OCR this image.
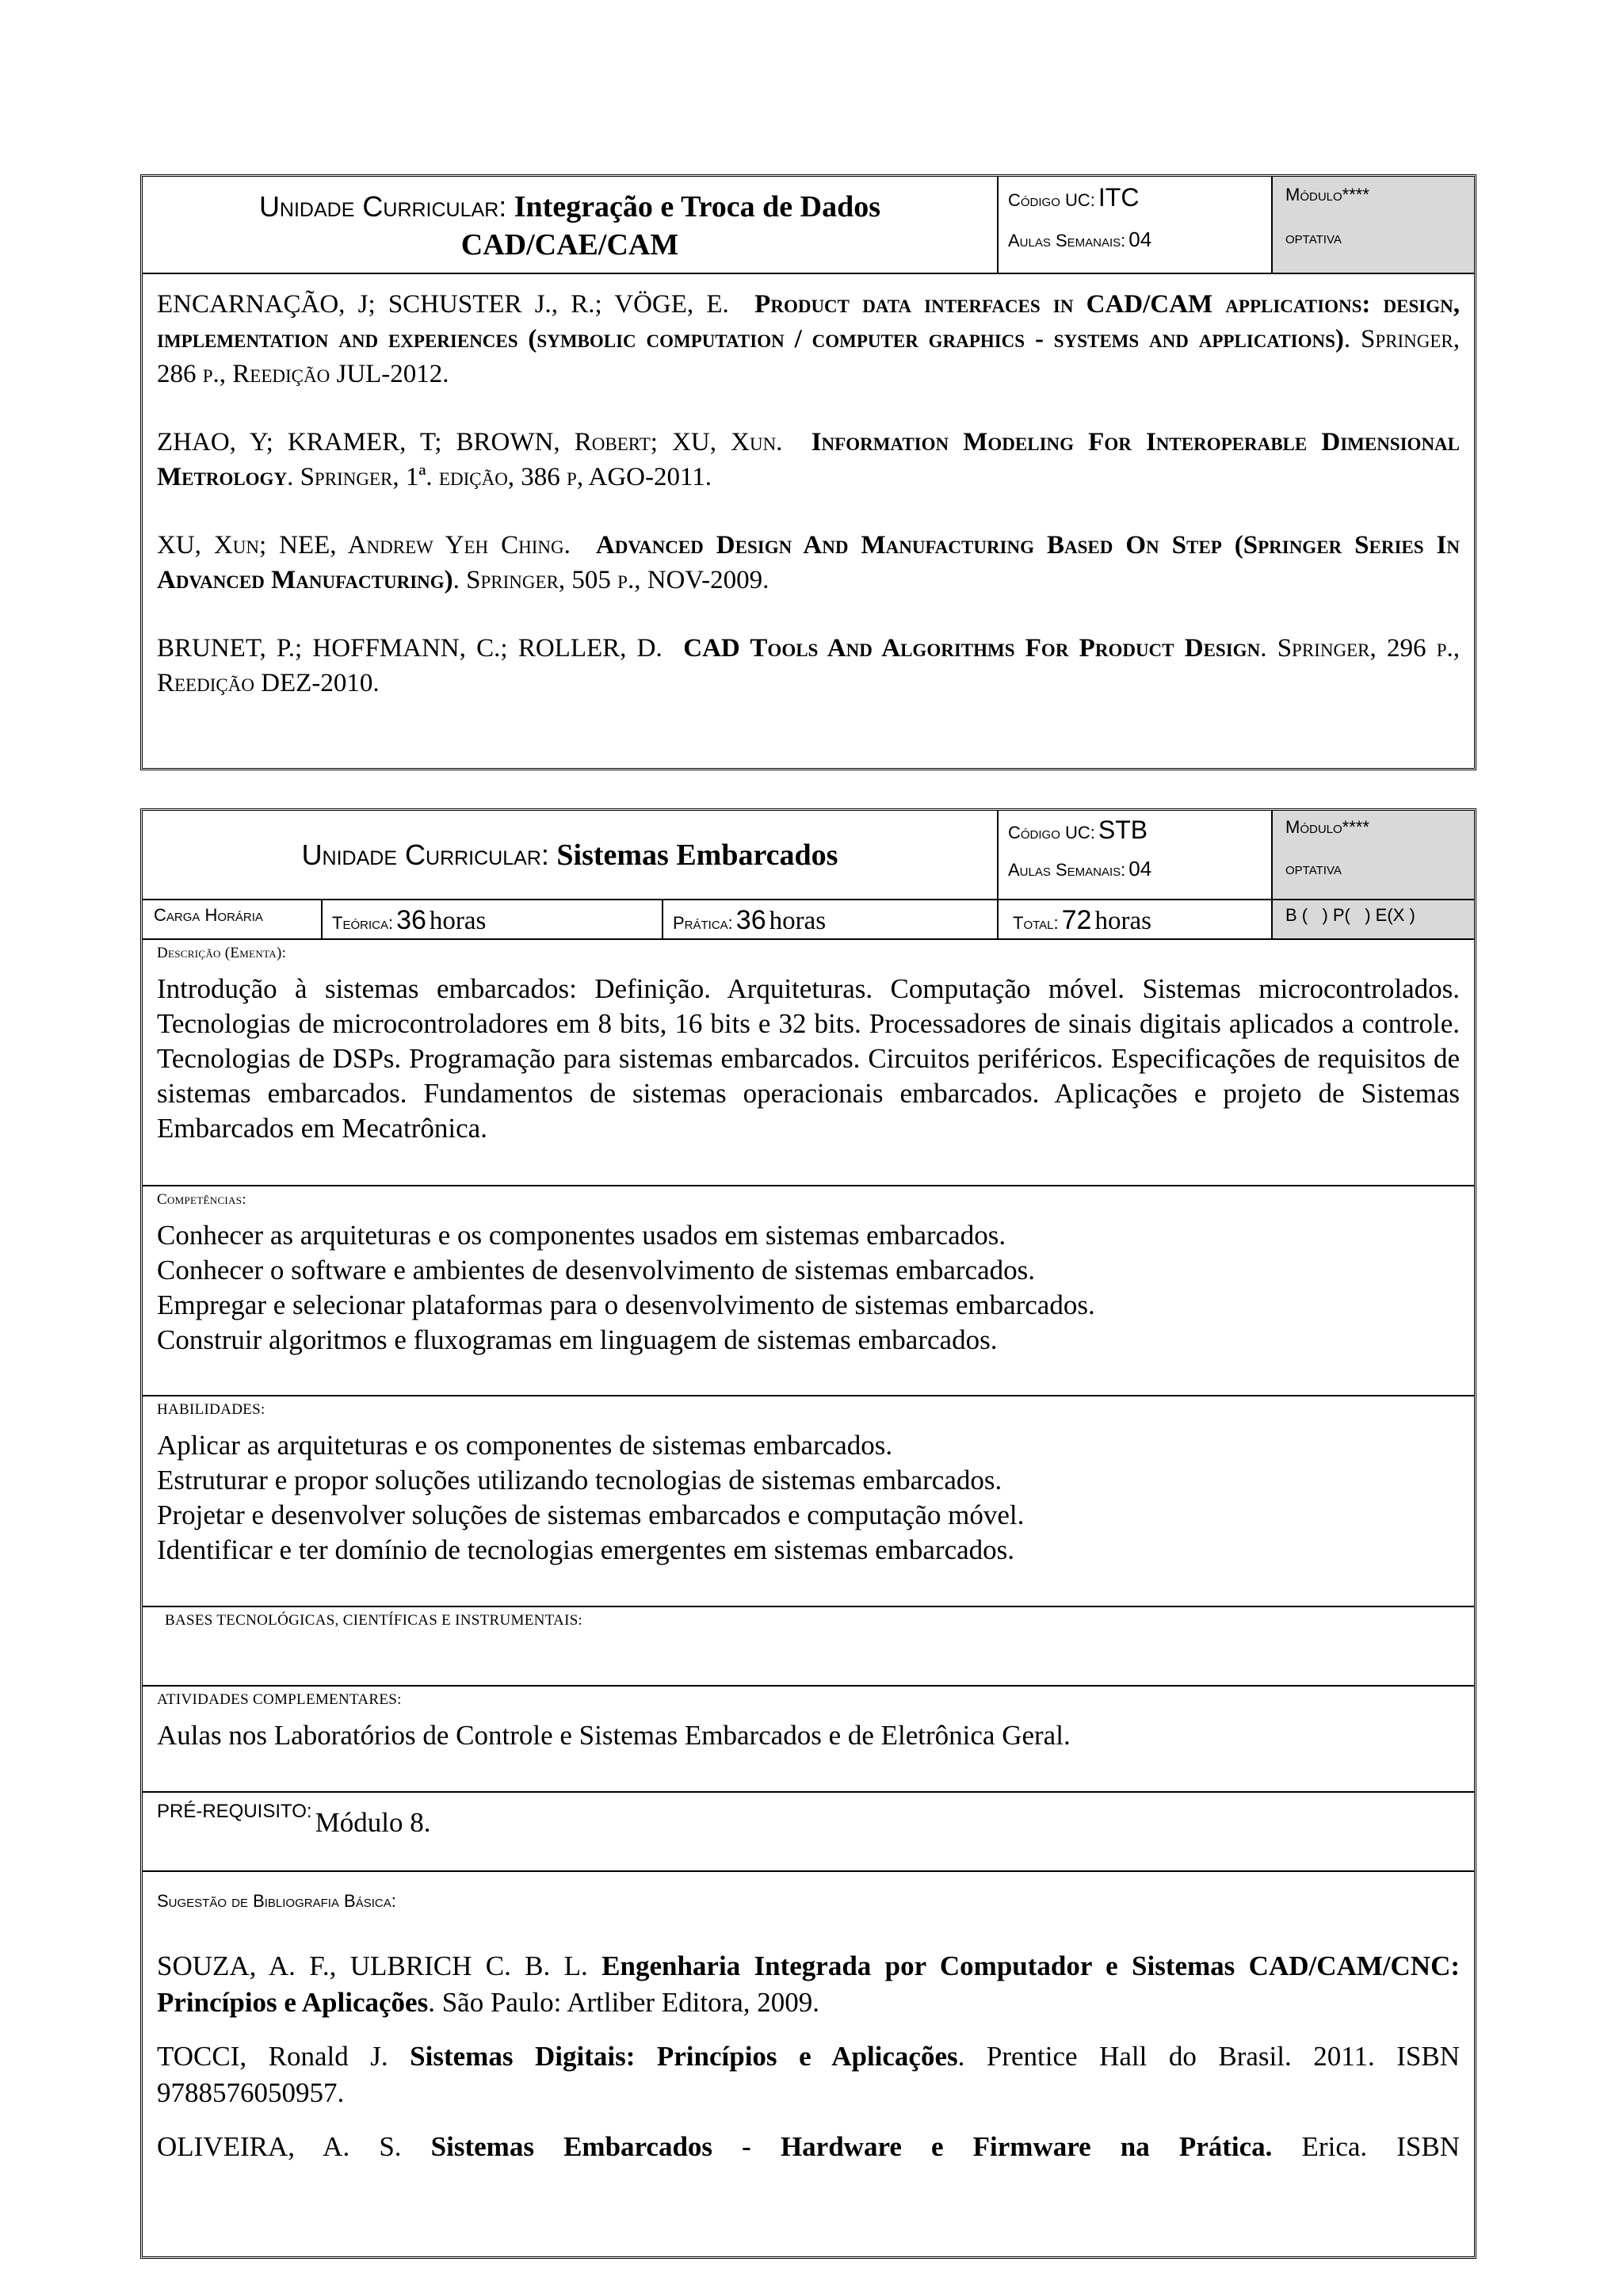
Unidade Curricular: Integração e Troca de Dados
CAD/CAE/CAM
Código UC: ITC
Aulas Semanais: 04
Módulo****
optativa

ENCARNAÇÃO, J; SCHUSTER J., R.; VÖGE, E. Product data interfaces in CAD/CAM applications: design, implementation and experiences (symbolic computation / computer graphics - systems and applications). Springer, 286 p., Reedição JUL-2012.

ZHAO, Y; KRAMER, T; BROWN, Robert; XU, Xun. Information Modeling For Interoperable Dimensional Metrology. Springer, 1ª. edição, 386 p, AGO-2011.

XU, Xun; NEE, Andrew Yeh Ching. Advanced Design And Manufacturing Based On Step (Springer Series In Advanced Manufacturing). Springer, 505 p., NOV-2009.

BRUNET, P.; HOFFMANN, C.; ROLLER, D. CAD Tools And Algorithms For Product Design. Springer, 296 p., Reedição DEZ-2010.

Unidade Curricular: Sistemas Embarcados
Código UC: STB
Aulas Semanais: 04
Módulo****
optativa
Carga Horária	Teórica: 36 horas	Prática: 36 horas	Total: 72 horas	B (   ) P(   ) E(X )
Descrição (Ementa):
Introdução à sistemas embarcados: Definição. Arquiteturas. Computação móvel. Sistemas microcontrolados. Tecnologias de microcontroladores em 8 bits, 16 bits e 32 bits. Processadores de sinais digitais aplicados a controle. Tecnologias de DSPs. Programação para sistemas embarcados. Circuitos periféricos. Especificações de requisitos de sistemas embarcados. Fundamentos de sistemas operacionais embarcados. Aplicações e projeto de Sistemas Embarcados em Mecatrônica.
Competências:
Conhecer as arquiteturas e os componentes usados em sistemas embarcados.
Conhecer o software e ambientes de desenvolvimento de sistemas embarcados.
Empregar e selecionar plataformas para o desenvolvimento de sistemas embarcados.
Construir algoritmos e fluxogramas em linguagem de sistemas embarcados.
HABILIDADES:
Aplicar as arquiteturas e os componentes de sistemas embarcados.
Estruturar e propor soluções utilizando tecnologias de sistemas embarcados.
Projetar e desenvolver soluções de sistemas embarcados e computação móvel.
Identificar e ter domínio de tecnologias emergentes em sistemas embarcados.
BASES TECNOLÓGICAS, CIENTÍFICAS E INSTRUMENTAIS:
ATIVIDADES COMPLEMENTARES:
Aulas nos Laboratórios de Controle e Sistemas Embarcados e de Eletrônica Geral.
PRÉ-REQUISITO: Módulo 8.
Sugestão de Bibliografia Básica:

SOUZA, A. F., ULBRICH C. B. L. Engenharia Integrada por Computador e Sistemas CAD/CAM/CNC: Princípios e Aplicações. São Paulo: Artliber Editora, 2009.

TOCCI, Ronald J. Sistemas Digitais: Princípios e Aplicações. Prentice Hall do Brasil. 2011. ISBN 9788576050957.

OLIVEIRA, A. S. Sistemas Embarcados - Hardware e Firmware na Prática. Erica. ISBN
